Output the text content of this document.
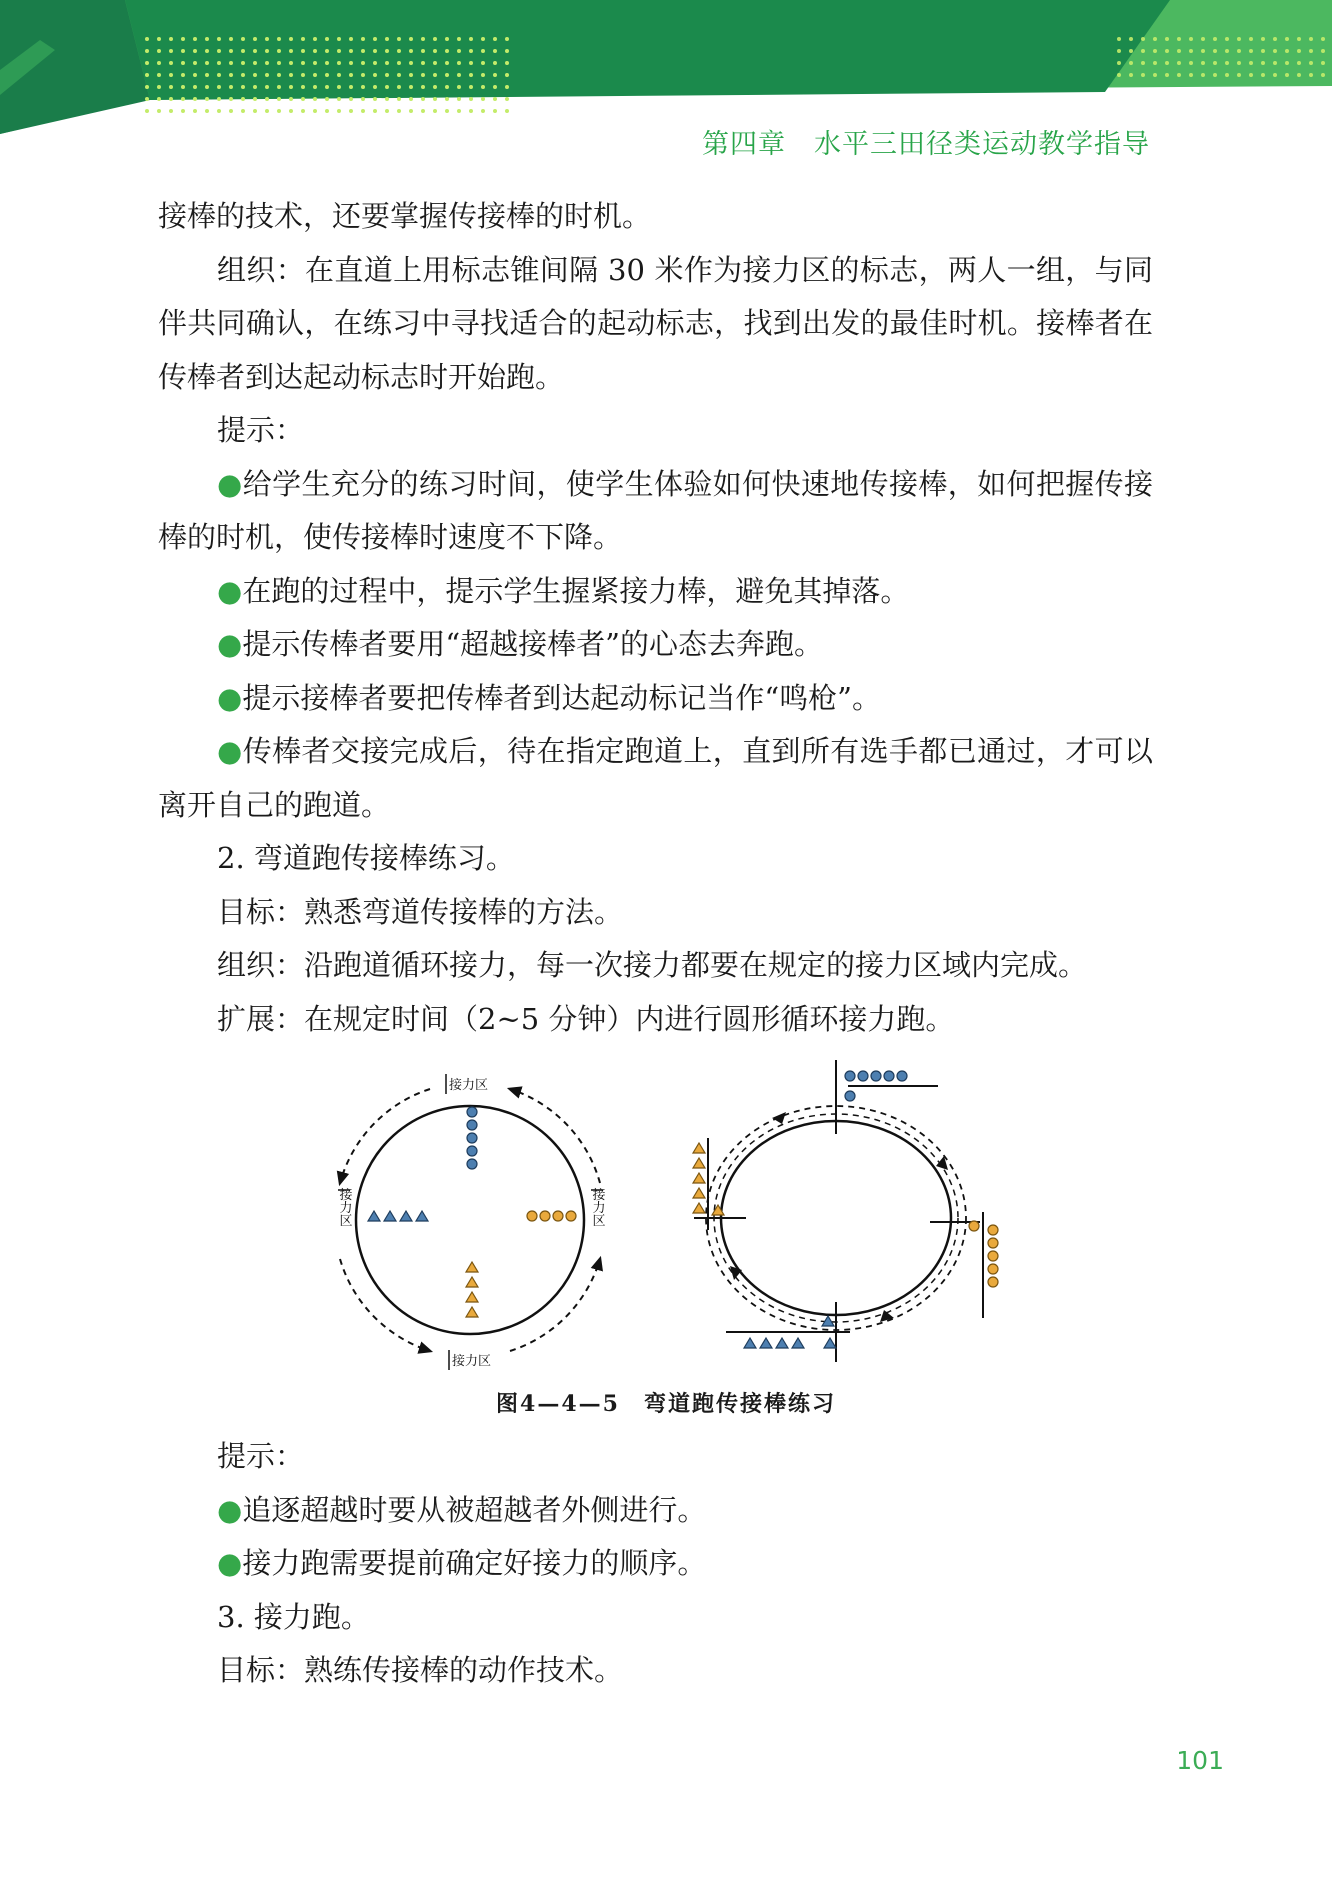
第四章　水平三田径类运动教学指导

接棒的技术，还要掌握传接棒的时机。

组织：在直道上用标志锥间隔 30 米作为接力区的标志，两人一组，与同伴共同确认，在练习中寻找适合的起动标志，找到出发的最佳时机。接棒者在传棒者到达起动标志时开始跑。

提示：

●给学生充分的练习时间，使学生体验如何快速地传接棒，如何把握传接棒的时机，使传接棒时速度不下降。

●在跑的过程中，提示学生握紧接力棒，避免其掉落。

●提示传棒者要用“超越接棒者”的心态去奔跑。

●提示接棒者要把传棒者到达起动标记当作“鸣枪”。

●传棒者交接完成后，待在指定跑道上，直到所有选手都已通过，才可以离开自己的跑道。

2. 弯道跑传接棒练习。

目标：熟悉弯道传接棒的方法。

组织：沿跑道循环接力，每一次接力都要在规定的接力区域内完成。

扩展：在规定时间（2~5 分钟）内进行圆形循环接力跑。

接力区
接力区
接力区	接力区
图4—4—5　弯道跑传接棒练习

提示：

●追逐超越时要从被超越者外侧进行。

●接力跑需要提前确定好接力的顺序。

3. 接力跑。

目标：熟练传接棒的动作技术。

101
